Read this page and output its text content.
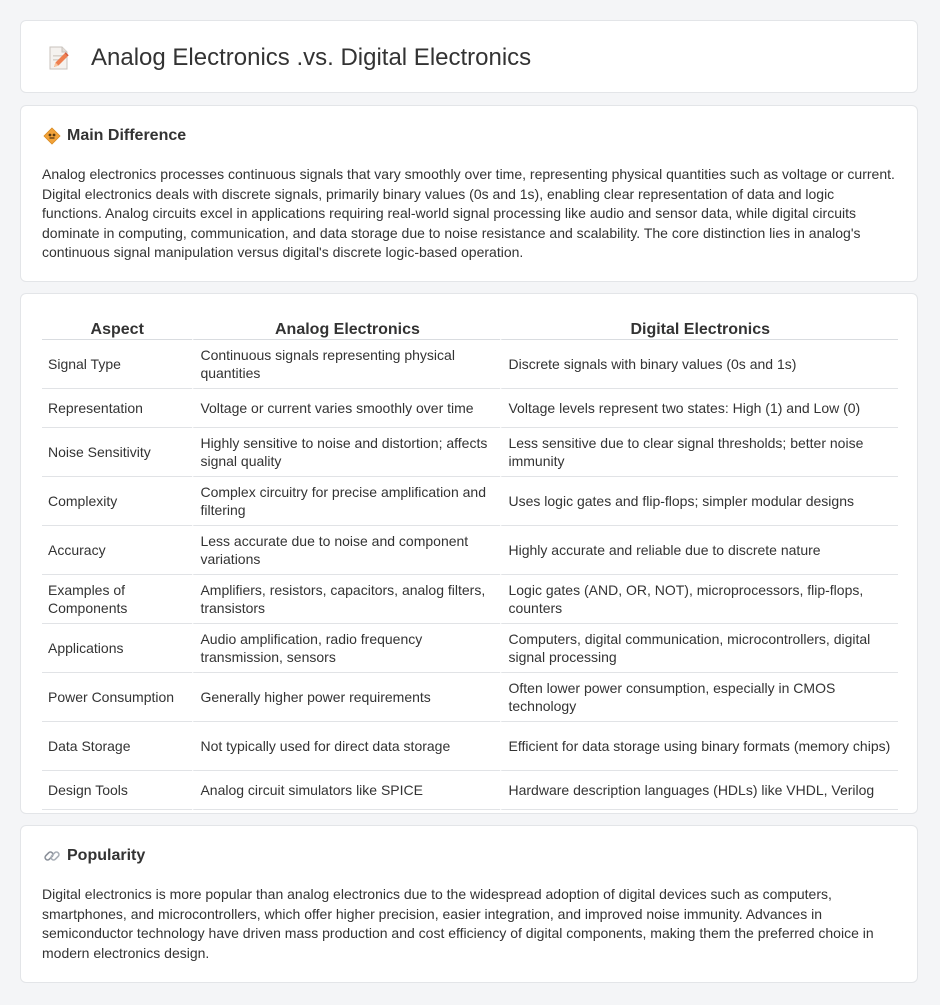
Analog Electronics .vs. Digital Electronics
Main Difference
Analog electronics processes continuous signals that vary smoothly over time, representing physical quantities such as voltage or current. Digital electronics deals with discrete signals, primarily binary values (0s and 1s), enabling clear representation of data and logic functions. Analog circuits excel in applications requiring real-world signal processing like audio and sensor data, while digital circuits dominate in computing, communication, and data storage due to noise resistance and scalability. The core distinction lies in analog's continuous signal manipulation versus digital's discrete logic-based operation.
Aspect	Analog Electronics	Digital Electronics
Signal Type	Continuous signals representing physical quantities	Discrete signals with binary values (0s and 1s)
Representation	Voltage or current varies smoothly over time	Voltage levels represent two states: High (1) and Low (0)
Noise Sensitivity	Highly sensitive to noise and distortion; affects signal quality	Less sensitive due to clear signal thresholds; better noise immunity
Complexity	Complex circuitry for precise amplification and filtering	Uses logic gates and flip-flops; simpler modular designs
Accuracy	Less accurate due to noise and component variations	Highly accurate and reliable due to discrete nature
Examples of Components	Amplifiers, resistors, capacitors, analog filters, transistors	Logic gates (AND, OR, NOT), microprocessors, flip-flops, counters
Applications	Audio amplification, radio frequency transmission, sensors	Computers, digital communication, microcontrollers, digital signal processing
Power Consumption	Generally higher power requirements	Often lower power consumption, especially in CMOS technology
Data Storage	Not typically used for direct data storage	Efficient for data storage using binary formats (memory chips)
Design Tools	Analog circuit simulators like SPICE	Hardware description languages (HDLs) like VHDL, Verilog
Popularity
Digital electronics is more popular than analog electronics due to the widespread adoption of digital devices such as computers, smartphones, and microcontrollers, which offer higher precision, easier integration, and improved noise immunity. Advances in semiconductor technology have driven mass production and cost efficiency of digital components, making them the preferred choice in modern electronics design.
